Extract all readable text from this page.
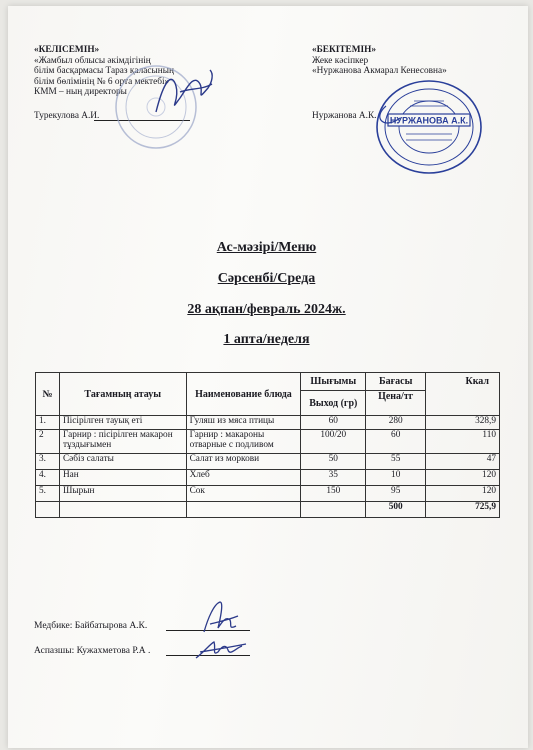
«КЕЛІСЕМІН»
«Жамбыл облысы әкімдігінің
білім басқармасы Тараз қаласының
білім бөлімінің № 6 орта мектебі»
КММ – ның директоры
Турекулова А.И.
«БЕКІТЕМІН»
Жеке кәсіпкер
«Нуржанова Акмарал Кенесовна»
Нуржанова А.К. НУРЖАНОВА А.К.
Ас-мәзірі/Меню
Сәрсенбі/Среда
28 ақпан/февраль 2024ж.
1 апта/неделя
№	Тағамның атауы	Наименование блюда	Шығымы	Бағасы	Ккал
			Выход (гр)	Цена/тг	
1.	Пісірілген тауық еті	Гуляш из мяса птицы	60	280	328,9
2	Гарнир : пісірілген макарон тұздығымен	Гарнир : макароны отварные с подливом	100/20	60	110
3.	Сәбіз салаты	Салат из моркови	50	55	47
4.	Нан	Хлеб	35	10	120
5.	Шырын	Сок	150	95	120
				500	725,9
Медбике: Байбатырова А.К.
Аспазшы: Кужахметова Р.А .
